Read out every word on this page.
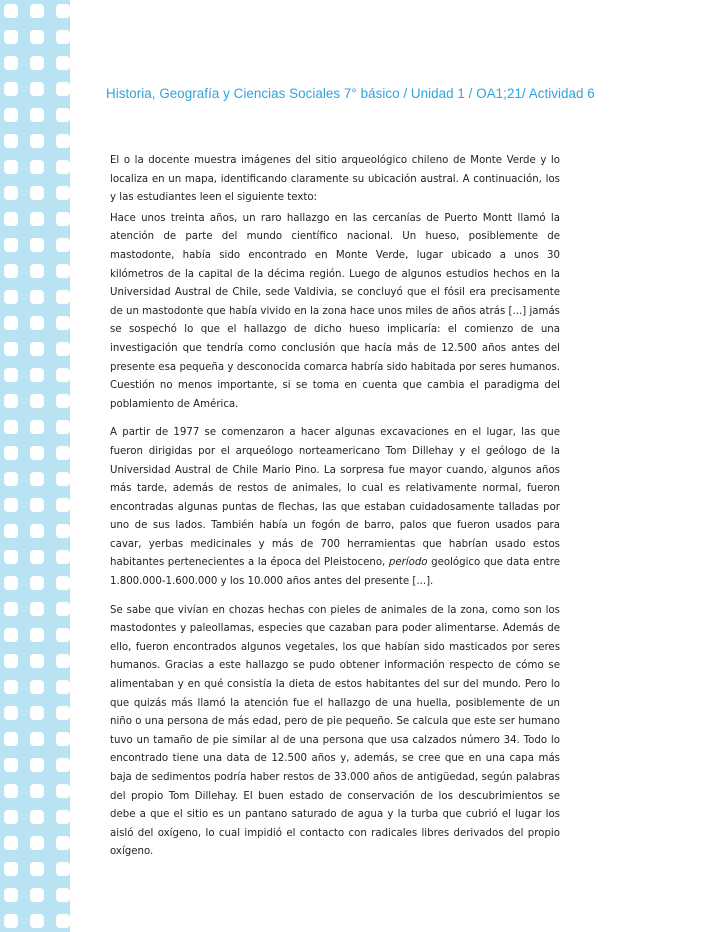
Historia, Geografía y Ciencias Sociales 7° básico / Unidad 1 / OA1;21/ Actividad 6

El o la docente muestra imágenes del sitio arqueológico chileno de Monte Verde y lo localiza en un mapa, identificando claramente su ubicación austral. A continuación, los y las estudiantes leen el siguiente texto:

Hace unos treinta años, un raro hallazgo en las cercanías de Puerto Montt llamó la atención de parte del mundo científico nacional. Un hueso, posiblemente de mastodonte, había sido encontrado en Monte Verde, lugar ubicado a unos 30 kilómetros de la capital de la décima región. Luego de algunos estudios hechos en la Universidad Austral de Chile, sede Valdivia, se concluyó que el fósil era precisamente de un mastodonte que había vivido en la zona hace unos miles de años atrás [...] jamás se sospechó lo que el hallazgo de dicho hueso implicaría: el comienzo de una investigación que tendría como conclusión que hacía más de 12.500 años antes del presente esa pequeña y desconocida comarca habría sido habitada por seres humanos. Cuestión no menos importante, si se toma en cuenta que cambia el paradigma del poblamiento de América.

A partir de 1977 se comenzaron a hacer algunas excavaciones en el lugar, las que fueron dirigidas por el arqueólogo norteamericano Tom Dillehay y el geólogo de la Universidad Austral de Chile Mario Pino. La sorpresa fue mayor cuando, algunos años más tarde, además de restos de animales, lo cual es relativamente normal, fueron encontradas algunas puntas de flechas, las que estaban cuidadosamente talladas por uno de sus lados. También había un fogón de barro, palos que fueron usados para cavar, yerbas medicinales y más de 700 herramientas que habrían usado estos habitantes pertenecientes a la época del Pleistoceno, período geológico que data entre 1.800.000-1.600.000 y los 10.000 años antes del presente [...].

Se sabe que vivían en chozas hechas con pieles de animales de la zona, como son los mastodontes y paleollamas, especies que cazaban para poder alimentarse. Además de ello, fueron encontrados algunos vegetales, los que habían sido masticados por seres humanos. Gracias a este hallazgo se pudo obtener información respecto de cómo se alimentaban y en qué consistía la dieta de estos habitantes del sur del mundo. Pero lo que quizás más llamó la atención fue el hallazgo de una huella, posiblemente de un niño o una persona de más edad, pero de pie pequeño. Se calcula que este ser humano tuvo un tamaño de pie similar al de una persona que usa calzados número 34. Todo lo encontrado tiene una data de 12.500 años y, además, se cree que en una capa más baja de sedimentos podría haber restos de 33.000 años de antigüedad, según palabras del propio Tom Dillehay. El buen estado de conservación de los descubrimientos se debe a que el sitio es un pantano saturado de agua y la turba que cubrió el lugar los aisló del oxígeno, lo cual impidió el contacto con radicales libres derivados del propio oxígeno.
